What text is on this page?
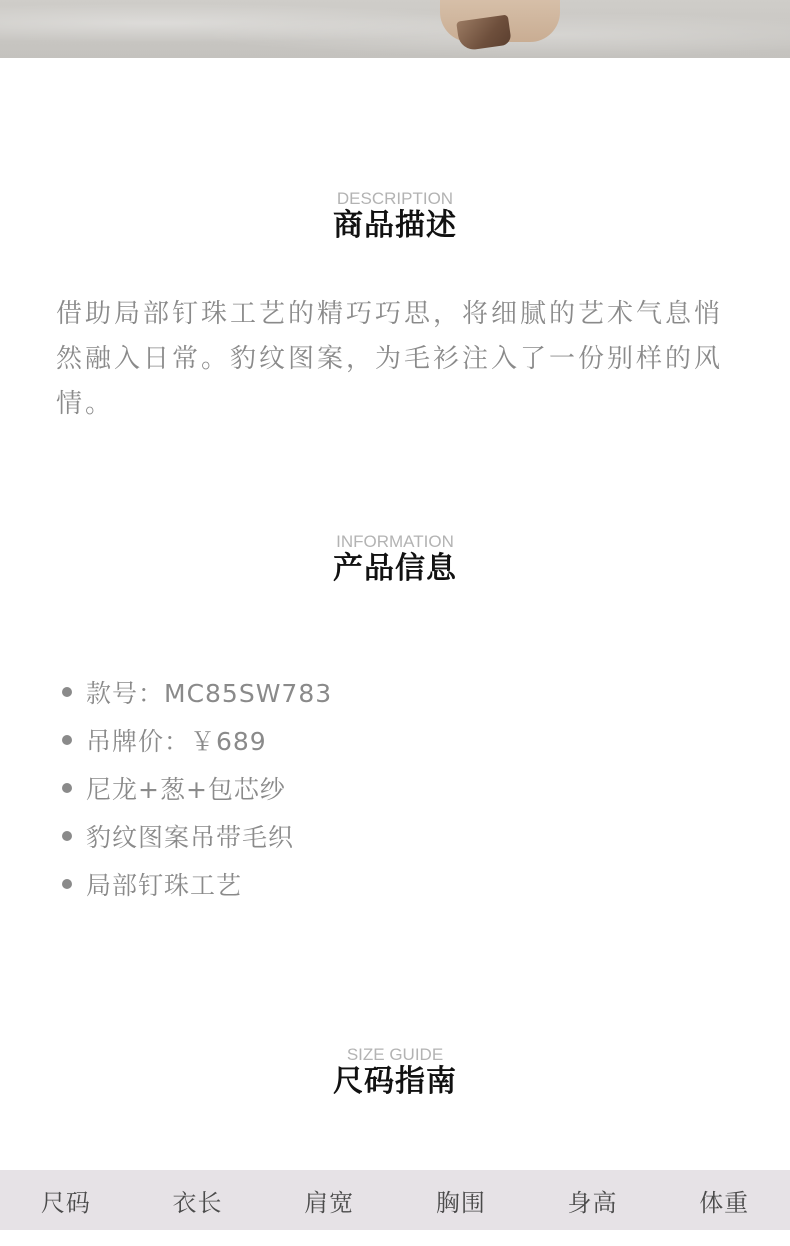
DESCRIPTION
商品描述
借助局部钉珠工艺的精巧巧思，将细腻的艺术气息悄然融入日常。豹纹图案，为毛衫注入了一份别样的风情。
INFORMATION
产品信息
款号：MC85SW783
吊牌价：￥689
尼龙+葱+包芯纱
豹纹图案吊带毛织
局部钉珠工艺
SIZE GUIDE
尺码指南
尺码	衣长	肩宽	胸围	身高	体重
